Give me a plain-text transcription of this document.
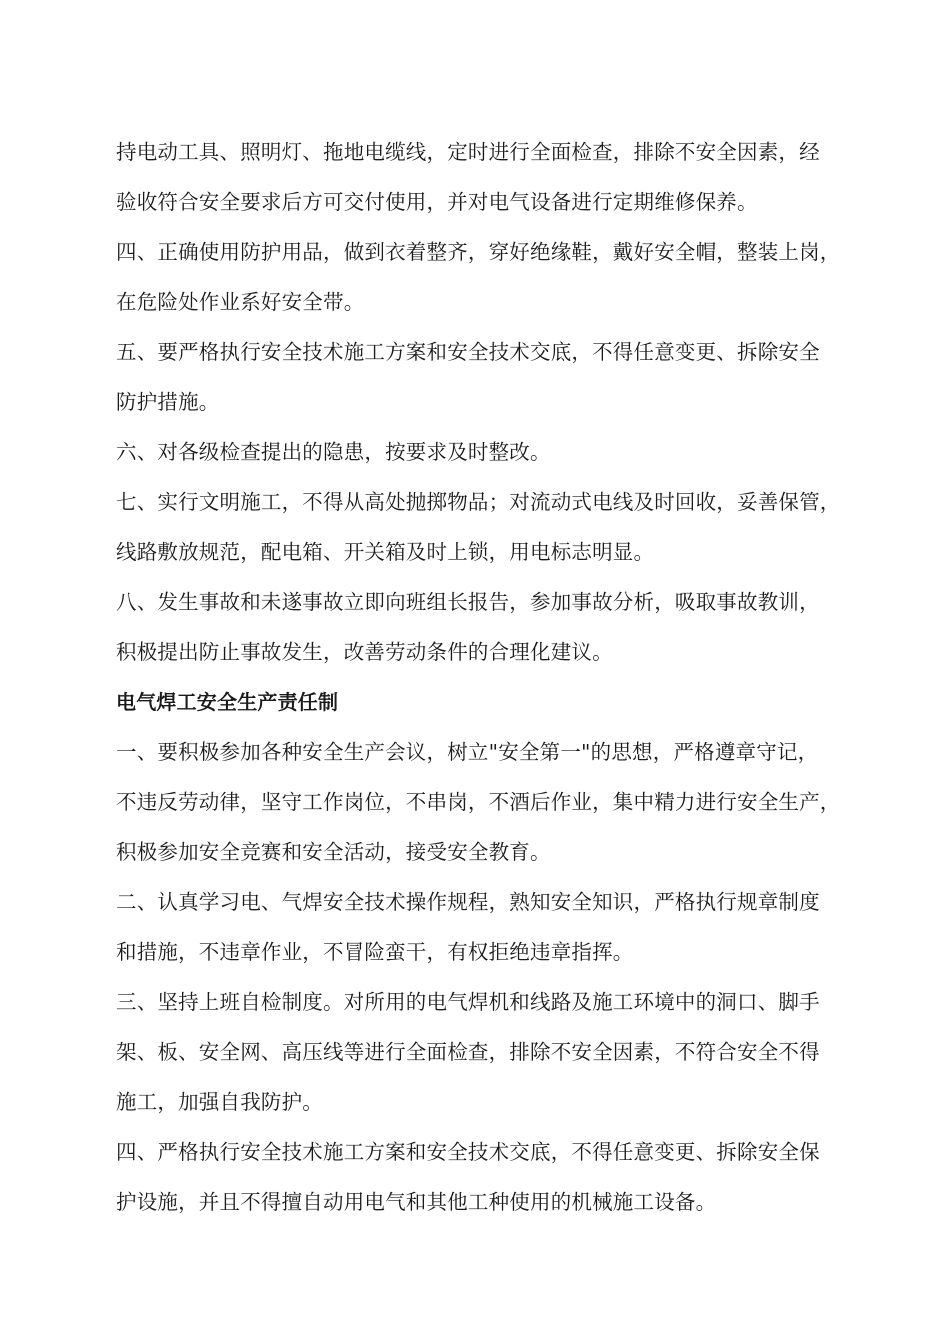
持电动工具、照明灯、拖地电缆线，定时进行全面检查，排除不安全因素，经
验收符合安全要求后方可交付使用，并对电气设备进行定期维修保养。
四、正确使用防护用品，做到衣着整齐，穿好绝缘鞋，戴好安全帽，整装上岗，
在危险处作业系好安全带。
五、要严格执行安全技术施工方案和安全技术交底，不得任意变更、拆除安全
防护措施。
六、对各级检查提出的隐患，按要求及时整改。
七、实行文明施工，不得从高处抛掷物品；对流动式电线及时回收，妥善保管，
线路敷放规范，配电箱、开关箱及时上锁，用电标志明显。
八、发生事故和未遂事故立即向班组长报告，参加事故分析，吸取事故教训，
积极提出防止事故发生，改善劳动条件的合理化建议。
电气焊工安全生产责任制
一、要积极参加各种安全生产会议，树立"安全第一"的思想，严格遵章守记，
不违反劳动律，坚守工作岗位，不串岗，不酒后作业，集中精力进行安全生产，
积极参加安全竞赛和安全活动，接受安全教育。
二、认真学习电、气焊安全技术操作规程，熟知安全知识，严格执行规章制度
和措施，不违章作业，不冒险蛮干，有权拒绝违章指挥。
三、坚持上班自检制度。对所用的电气焊机和线路及施工环境中的洞口、脚手
架、板、安全网、高压线等进行全面检查，排除不安全因素，不符合安全不得
施工，加强自我防护。
四、严格执行安全技术施工方案和安全技术交底，不得任意变更、拆除安全保
护设施，并且不得擅自动用电气和其他工种使用的机械施工设备。
